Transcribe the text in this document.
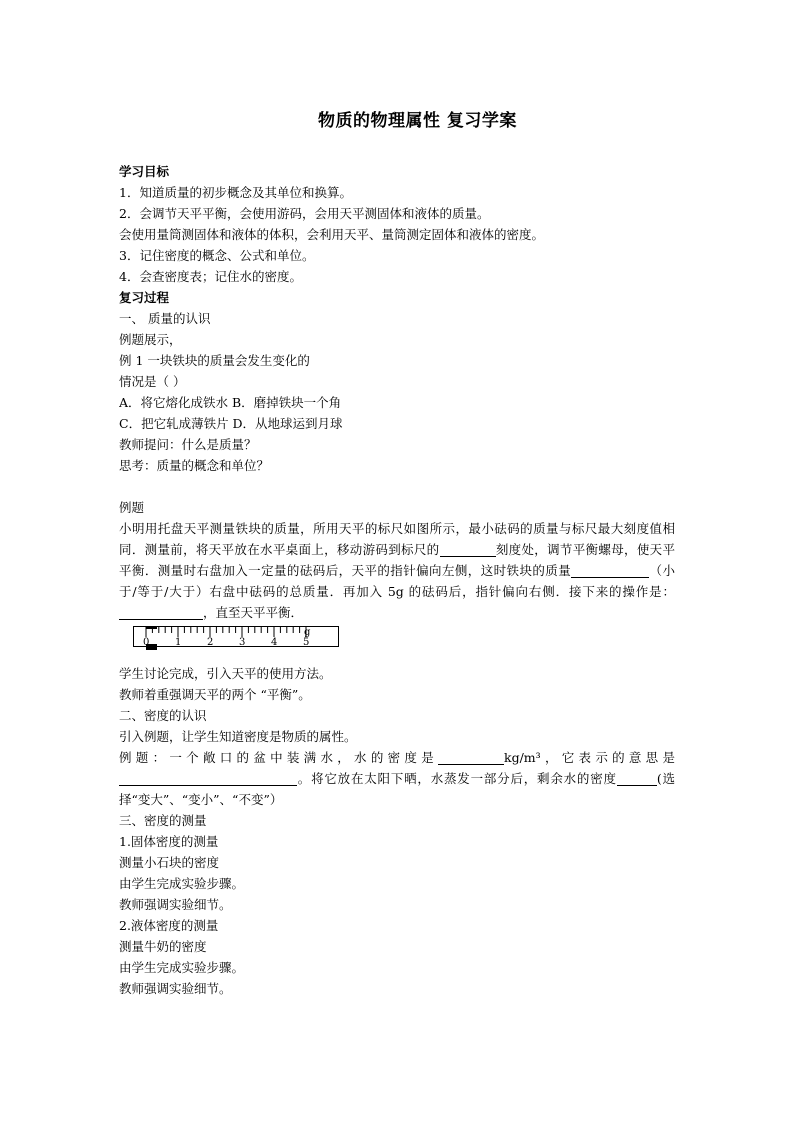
物质的物理属性 复习学案
学习目标
1．知道质量的初步概念及其单位和换算。
2．会调节天平平衡，会使用游码，会用天平测固体和液体的质量。
会使用量筒测固体和液体的体积，会利用天平、量筒测定固体和液体的密度。
3．记住密度的概念、公式和单位。
4．会查密度表；记住水的密度。
复习过程
一、 质量的认识
例题展示，
例 1 一块铁块的质量会发生变化的
情况是（ ）
A．将它熔化成铁水 B．磨掉铁块一个角
C．把它轧成薄铁片 D．从地球运到月球
教师提问：什么是质量？
思考：质量的概念和单位？
例题
小明用托盘天平测量铁块的质量，所用天平的标尺如图所示，最小砝码的质量与标尺最大刻度值相同．测量前，将天平放在水平桌面上，移动游码到标尺的	刻度处，调节平衡螺母，使天平平衡．测量时右盘加入一定量的砝码后，天平的指针偏向左侧，这时铁块的质量	（小于/等于/大于）右盘中砝码的总质量．再加入 5g 的砝码后，指针偏向右侧．接下来的操作是：，直至天平平衡．
0	1	2	3	4	5
g
学生讨论完成，引入天平的使用方法。
教师着重强调天平的两个 “平衡”。
二、密度的认识
引入例题，让学生知道密度是物质的属性。
例题：一个敞口的盆中装满水，水的密度是	kg/m³，它表示的意思是。将它放在太阳下晒，水蒸发一部分后，剩余水的密度	(选择“变大”、“变小”、“不变”）
三、密度的测量
1.固体密度的测量
测量小石块的密度
由学生完成实验步骤。
教师强调实验细节。
2.液体密度的测量
测量牛奶的密度
由学生完成实验步骤。
教师强调实验细节。
